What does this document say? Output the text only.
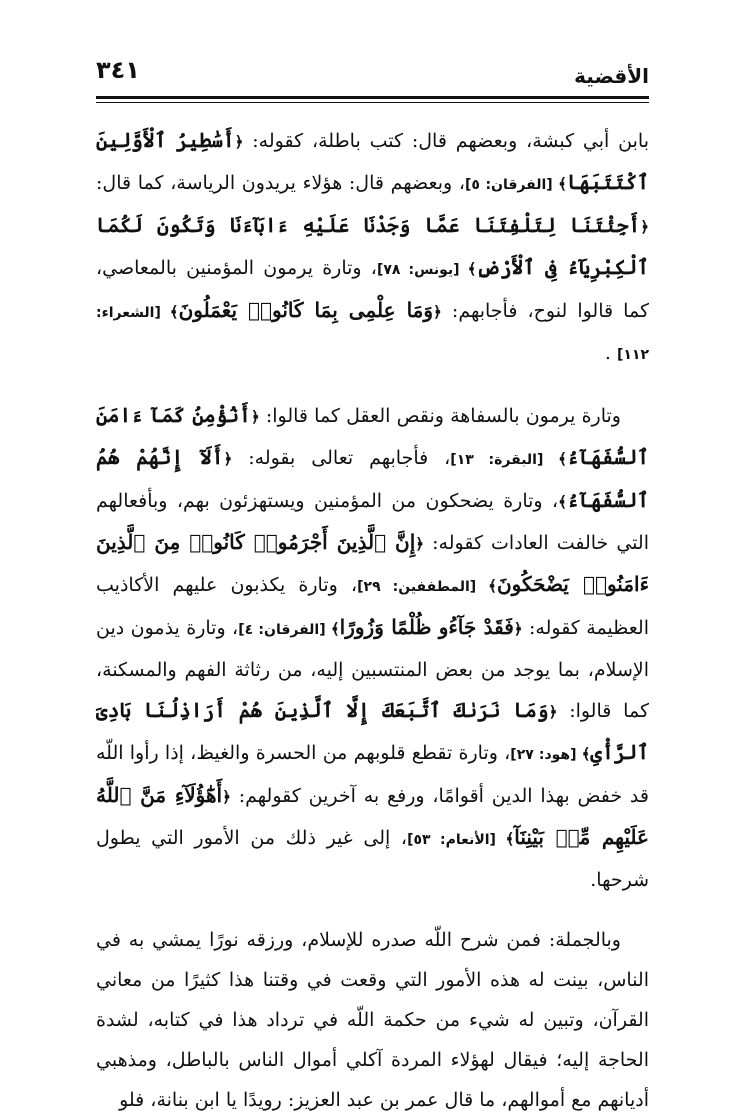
الأقضية
٣٤١

بابن أبي كبشة، وبعضهم قال: كتب باطلة، كقوله: ﴿أَسَٰطِيرُ ٱلْأَوَّلِينَ ٱكْتَتَبَهَا﴾ [الفرقان: ٥]، وبعضهم قال: هؤلاء يريدون الرياسة، كما قال: ﴿أَجِئْتَنَا لِتَلْفِتَنَا عَمَّا وَجَدْنَا عَلَيْهِ ءَابَآءَنَا وَتَكُونَ لَكُمَا ٱلْكِبْرِيَآءُ فِى ٱلْأَرْضِ﴾ [يونس: ٧٨]، وتارة يرمون المؤمنين بالمعاصي، كما قالوا لنوح، فأجابهم: ﴿وَمَا عِلْمِى بِمَا كَانُوا۟ يَعْمَلُونَ﴾ [الشعراء: ١١٢] .

وتارة يرمون بالسفاهة ونقص العقل كما قالوا: ﴿أَنُؤْمِنُ كَمَآ ءَامَنَ ٱلسُّفَهَآءُ﴾ [البقرة: ١٣]، فأجابهم تعالى بقوله: ﴿أَلَآ إِنَّهُمْ هُمُ ٱلسُّفَهَآءُ﴾، وتارة يضحكون من المؤمنين ويستهزئون بهم، وبأفعالهم التي خالفت العادات كقوله: ﴿إِنَّ ٱلَّذِينَ أَجْرَمُوا۟ كَانُوا۟ مِنَ ٱلَّذِينَ ءَامَنُوا۟ يَضْحَكُونَ﴾ [المطففين: ٢٩]، وتارة يكذبون عليهم الأكاذيب العظيمة كقوله: ﴿فَقَدْ جَآءُو ظُلْمًا وَزُورًا﴾ [الفرقان: ٤]، وتارة يذمون دين الإسلام، بما يوجد من بعض المنتسبين إليه، من رثاثة الفهم والمسكنة، كما قالوا: ﴿وَمَا نَرَىٰكَ ٱتَّبَعَكَ إِلَّا ٱلَّذِينَ هُمْ أَرَاذِلُنَا بَادِىَ ٱلرَّأْىِ﴾ [هود: ٢٧]، وتارة تقطع قلوبهم من الحسرة والغيظ، إذا رأوا اللّه قد خفض بهذا الدين أقوامًا، ورفع به آخرين كقولهم: ﴿أَهَٰٓؤُلَآءِ مَنَّ ٱللَّهُ عَلَيْهِم مِّنۢ بَيْنِنَآ﴾ [الأنعام: ٥٣]، إلى غير ذلك من الأمور التي يطول شرحها.

وبالجملة: فمن شرح اللّه صدره للإسلام، ورزقه نورًا يمشي به في الناس، بينت له هذه الأمور التي وقعت في وقتنا هذا كثيرًا من معاني القرآن، وتبين له شيء من حكمة اللّه في ترداد هذا في كتابه، لشدة الحاجة إليه؛ فيقال لهؤلاء المردة آكلي أموال الناس بالباطل، ومذهبي أديانهم مع أموالهم، ما قال عمر بن عبد العزيز: رويدًا يا ابن بنانة، فلو
